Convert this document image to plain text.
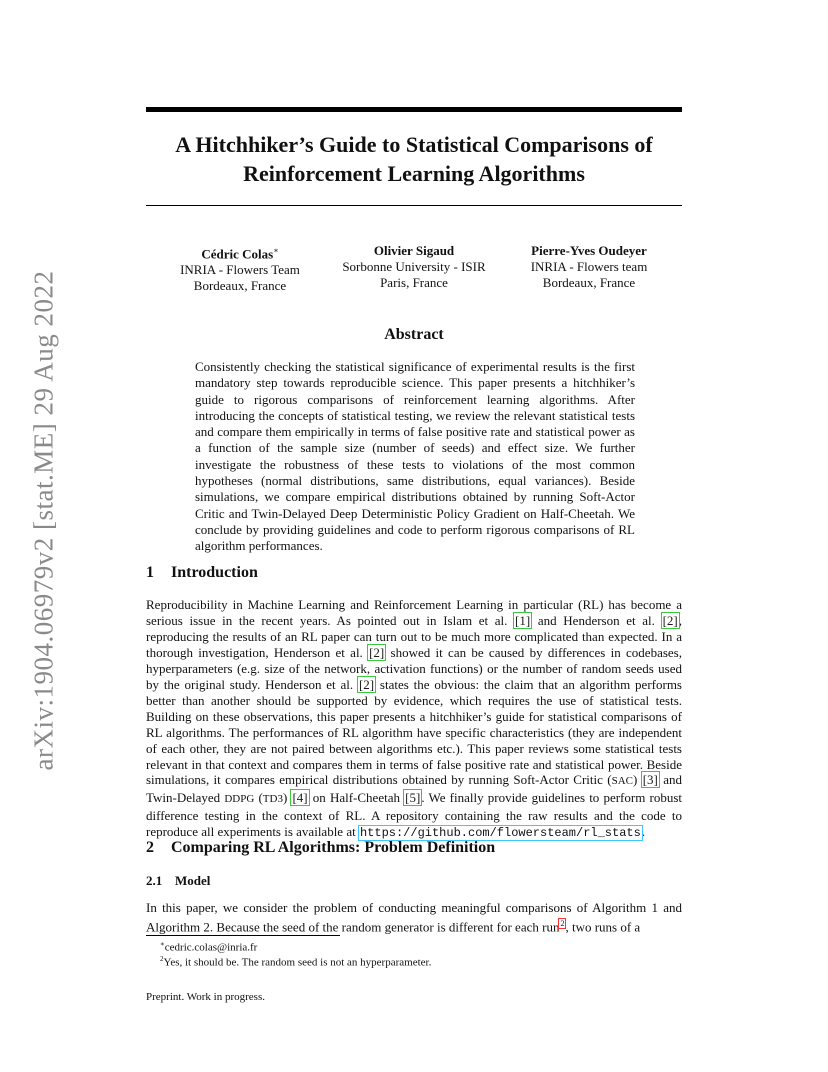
arXiv:1904.06979v2 [stat.ME] 29 Aug 2022
A Hitchhiker’s Guide to Statistical Comparisons of
Reinforcement Learning Algorithms
Cédric Colas∗
INRIA - Flowers Team
Bordeaux, France
Olivier Sigaud
Sorbonne University - ISIR
Paris, France
Pierre-Yves Oudeyer
INRIA - Flowers team
Bordeaux, France
Abstract
Consistently checking the statistical significance of experimental results is the first mandatory step towards reproducible science. This paper presents a hitchhiker’s guide to rigorous comparisons of reinforcement learning algorithms. After introducing the concepts of statistical testing, we review the relevant statistical tests and compare them empirically in terms of false positive rate and statistical power as a function of the sample size (number of seeds) and effect size. We further investigate the robustness of these tests to violations of the most common hypotheses (normal distributions, same distributions, equal variances). Beside simulations, we compare empirical distributions obtained by running Soft-Actor Critic and Twin-Delayed Deep Deterministic Policy Gradient on Half-Cheetah. We conclude by providing guidelines and code to perform rigorous comparisons of RL algorithm performances.
1 Introduction
Reproducibility in Machine Learning and Reinforcement Learning in particular (RL) has become a serious issue in the recent years. As pointed out in Islam et al. [1] and Henderson et al. [2], reproducing the results of an RL paper can turn out to be much more complicated than expected. In a thorough investigation, Henderson et al. [2] showed it can be caused by differences in codebases, hyperparameters (e.g. size of the network, activation functions) or the number of random seeds used by the original study. Henderson et al. [2] states the obvious: the claim that an algorithm performs better than another should be supported by evidence, which requires the use of statistical tests. Building on these observations, this paper presents a hitchhiker’s guide for statistical comparisons of RL algorithms. The performances of RL algorithm have specific characteristics (they are independent of each other, they are not paired between algorithms etc.). This paper reviews some statistical tests relevant in that context and compares them in terms of false positive rate and statistical power. Beside simulations, it compares empirical distributions obtained by running Soft-Actor Critic (SAC) [3] and Twin-Delayed DDPG (TD3) [4] on Half-Cheetah [5]. We finally provide guidelines to perform robust difference testing in the context of RL. A repository containing the raw results and the code to reproduce all experiments is available at https://github.com/flowersteam/rl_stats.
2 Comparing RL Algorithms: Problem Definition
2.1 Model
In this paper, we consider the problem of conducting meaningful comparisons of Algorithm 1 and Algorithm 2. Because the seed of the random generator is different for each run$^2$, two runs of a
∗cedric.colas@inria.fr
$^2$Yes, it should be. The random seed is not an hyperparameter.
Preprint. Work in progress.
